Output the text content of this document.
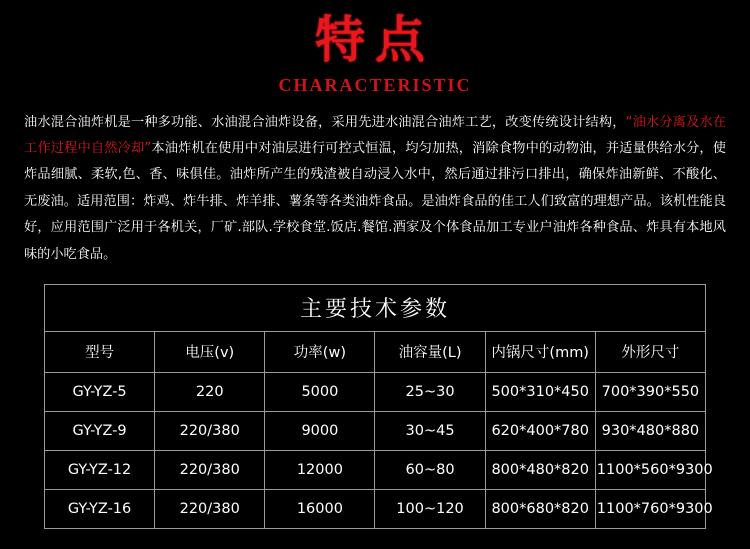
特点
CHARACTERISTIC
油水混合油炸机是一种多功能、水油混合油炸设备，采用先进水油混合油炸工艺，改变传统设计结构，“油水分离及水在工作过程中自然冷却”本油炸机在使用中对油层进行可控式恒温，均匀加热，消除食物中的动物油，并适量供给水分，使炸品细腻、柔软,色、香、味俱佳。油炸所产生的残渣被自动浸入水中，然后通过排污口排出，确保炸油新鲜、不酸化、无废油。适用范围：炸鸡、炸牛排、炸羊排、薯条等各类油炸食品。是油炸食品的佳工人们致富的理想产品。该机性能良好，应用范围广泛用于各机关，厂矿.部队.学校食堂.饭店.餐馆.酒家及个体食品加工专业户油炸各种食品、炸具有本地风味的小吃食品。
主要技术参数					
型号	电压(v)	功率(w)	油容量(L)	内锅尺寸(mm)	外形尺寸
GY-YZ-5	220	5000	25~30	500*310*450	700*390*550
GY-YZ-9	220/380	9000	30~45	620*400*780	930*480*880
GY-YZ-12	220/380	12000	60~80	800*480*820	1100*560*9300
GY-YZ-16	220/380	16000	100~120	800*680*820	1100*760*9300
